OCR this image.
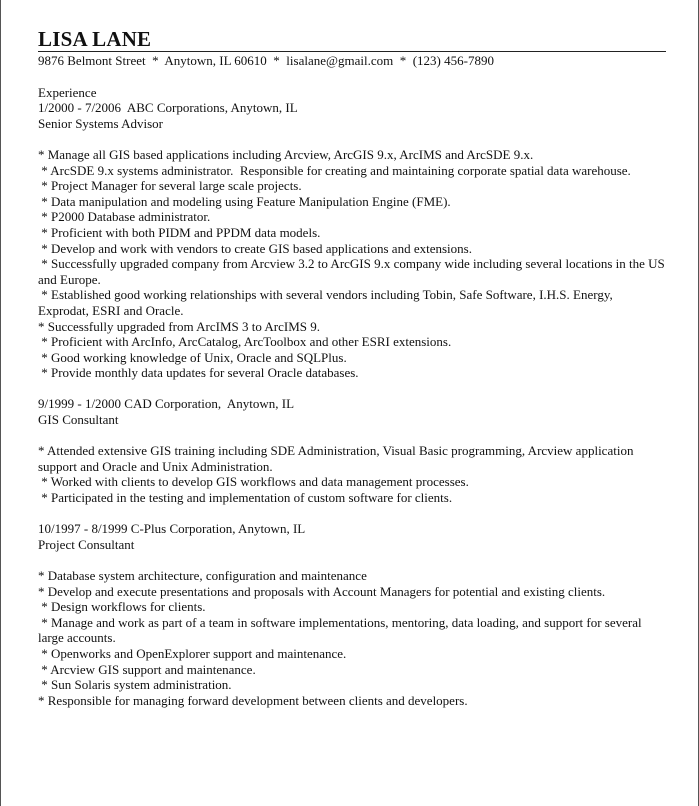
LISA LANE
9876 Belmont Street  *  Anytown, IL 60610  *  lisalane@gmail.com  *  (123) 456-7890
Experience
1/2000 - 7/2006  ABC Corporations, Anytown, IL
Senior Systems Advisor
* Manage all GIS based applications including Arcview, ArcGIS 9.x, ArcIMS and ArcSDE 9.x.
* ArcSDE 9.x systems administrator.  Responsible for creating and maintaining corporate spatial data warehouse.
* Project Manager for several large scale projects.
* Data manipulation and modeling using Feature Manipulation Engine (FME).
* P2000 Database administrator.
* Proficient with both PIDM and PPDM data models.
* Develop and work with vendors to create GIS based applications and extensions.
* Successfully upgraded company from Arcview 3.2 to ArcGIS 9.x company wide including several locations in the US and Europe.
* Established good working relationships with several vendors including Tobin, Safe Software, I.H.S. Energy, Exprodat, ESRI and Oracle.
* Successfully upgraded from ArcIMS 3 to ArcIMS 9.
* Proficient with ArcInfo, ArcCatalog, ArcToolbox and other ESRI extensions.
* Good working knowledge of Unix, Oracle and SQLPlus.
* Provide monthly data updates for several Oracle databases.
9/1999 - 1/2000 CAD Corporation,  Anytown, IL
GIS Consultant
* Attended extensive GIS training including SDE Administration, Visual Basic programming, Arcview application support and Oracle and Unix Administration.
* Worked with clients to develop GIS workflows and data management processes.
* Participated in the testing and implementation of custom software for clients.
10/1997 - 8/1999 C-Plus Corporation, Anytown, IL
Project Consultant
* Database system architecture, configuration and maintenance
* Develop and execute presentations and proposals with Account Managers for potential and existing clients.
* Design workflows for clients.
* Manage and work as part of a team in software implementations, mentoring, data loading, and support for several large accounts.
* Openworks and OpenExplorer support and maintenance.
* Arcview GIS support and maintenance.
* Sun Solaris system administration.
* Responsible for managing forward development between clients and developers.
